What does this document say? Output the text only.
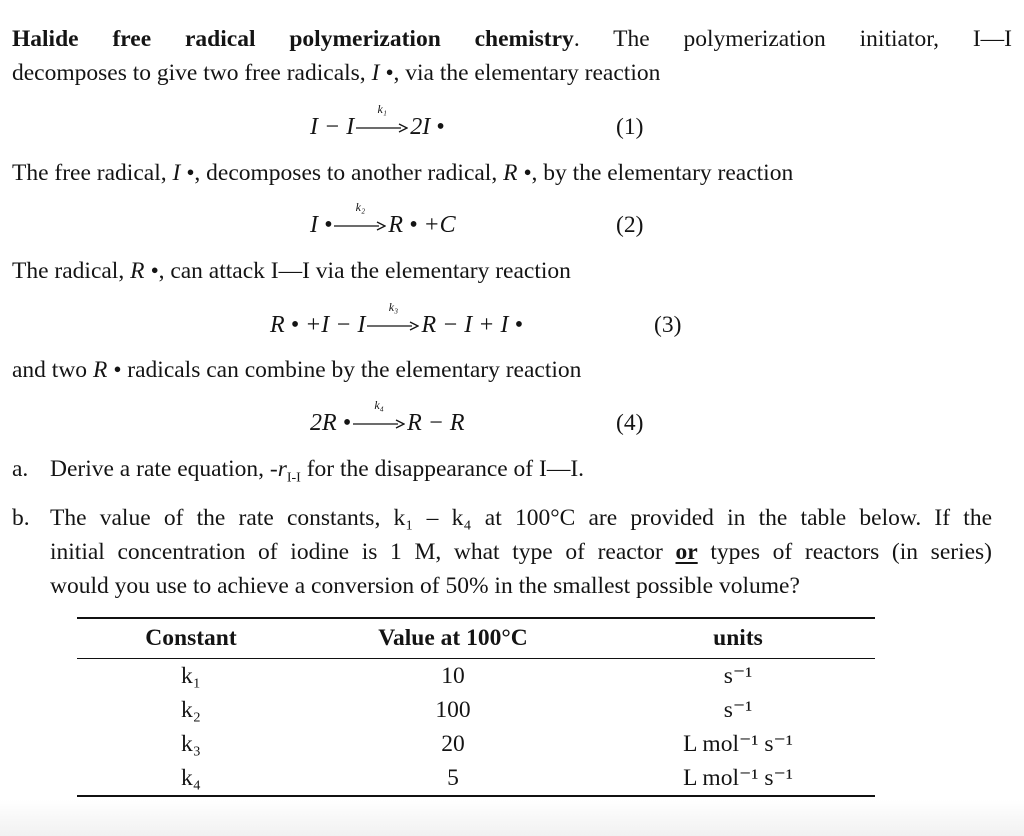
Halide free radical polymerization chemistry. The polymerization initiator, I—I

decomposes to give two free radicals, I •, via the elementary reaction

I − I
k₁
2I •	(1)

The free radical, I •, decomposes to another radical, R •, by the elementary reaction

I •
k₂
R • +C	(2)

The radical, R •, can attack I—I via the elementary reaction

R • +I − I
k₃
R − I + I •	(3)

and two R • radicals can combine by the elementary reaction

2R •
k₄
R − R	(4)
a. Derive a rate equation, $-r_{I-I}$ for the disappearance of I—I.
b. The value of the rate constants, k₁ – k₄ at 100°C are provided in the table below. If the
initial concentration of iodine is 1 M, what type of reactor or types of reactors (in series)
would you use to achieve a conversion of 50% in the smallest possible volume?
Constant	Value at 100°C	units
k₁	10	s⁻¹
k₂	100	s⁻¹
k₃	20	L mol⁻¹ s⁻¹
k₄	5	L mol⁻¹ s⁻¹
